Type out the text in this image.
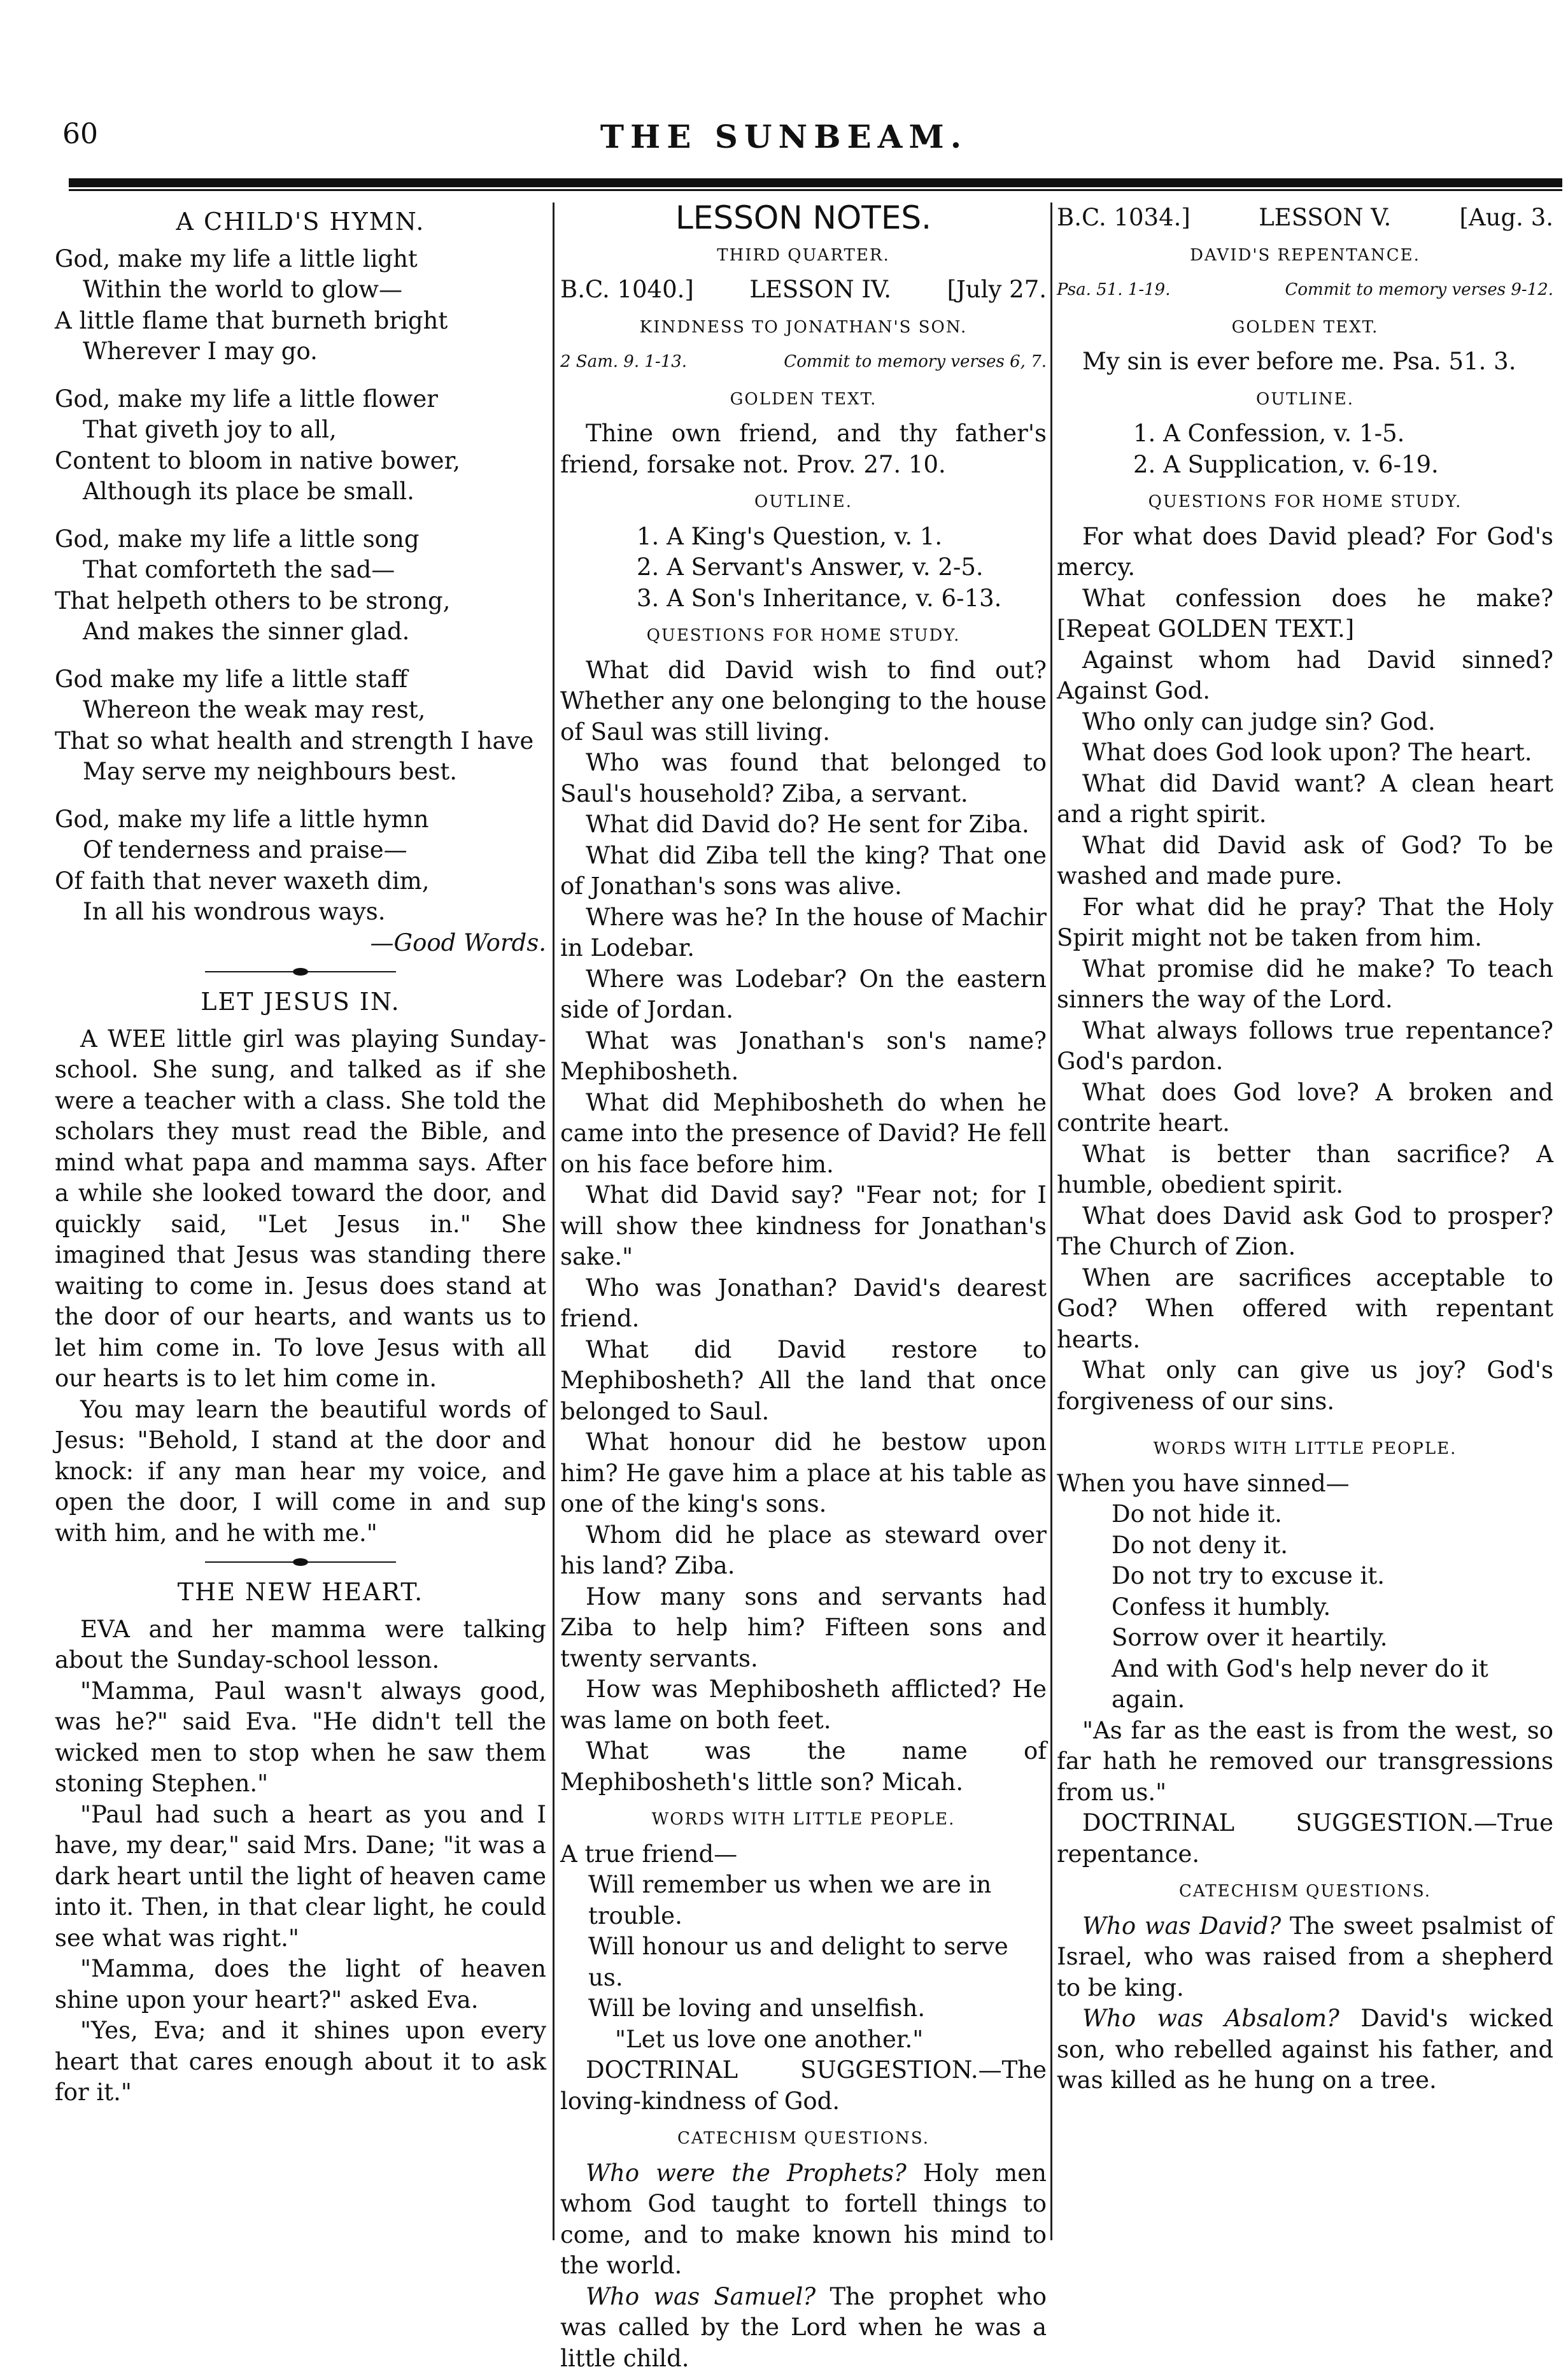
60	THE SUNBEAM.
A CHILD'S HYMN.
God, make my life a little light
Within the world to glow—
A little flame that burneth bright
Wherever I may go.
God, make my life a little flower
That giveth joy to all,
Content to bloom in native bower,
Although its place be small.
God, make my life a little song
That comforteth the sad—
That helpeth others to be strong,
And makes the sinner glad.
God make my life a little staff
Whereon the weak may rest,
That so what health and strength I have
May serve my neighbours best.
God, make my life a little hymn
Of tenderness and praise—
Of faith that never waxeth dim,
In all his wondrous ways.
—Good Words.
LET JESUS IN.

A WEE little girl was playing Sunday-school. She sung, and talked as if she were a teacher with a class. She told the scholars they must read the Bible, and mind what papa and mamma says. After a while she looked toward the door, and quickly said, "Let Jesus in." She imagined that Jesus was standing there waiting to come in. Jesus does stand at the door of our hearts, and wants us to let him come in. To love Jesus with all our hearts is to let him come in.

You may learn the beautiful words of Jesus: "Behold, I stand at the door and knock: if any man hear my voice, and open the door, I will come in and sup with him, and he with me."

THE NEW HEART.

EVA and her mamma were talking about the Sunday-school lesson.

"Mamma, Paul wasn't always good, was he?" said Eva. "He didn't tell the wicked men to stop when he saw them stoning Stephen."

"Paul had such a heart as you and I have, my dear," said Mrs. Dane; "it was a dark heart until the light of heaven came into it. Then, in that clear light, he could see what was right."

"Mamma, does the light of heaven shine upon your heart?" asked Eva.

"Yes, Eva; and it shines upon every heart that cares enough about it to ask for it."

LESSON NOTES.
THIRD QUARTER.
B.C. 1040.] LESSON IV. [July 27.
KINDNESS TO JONATHAN'S SON.
2 Sam. 9. 1-13.	Commit to memory verses 6, 7.
GOLDEN TEXT.

Thine own friend, and thy father's friend, forsake not. Prov. 27. 10.

OUTLINE.
1. A King's Question, v. 1.
2. A Servant's Answer, v. 2-5.
3. A Son's Inheritance, v. 6-13.
QUESTIONS FOR HOME STUDY.

What did David wish to find out? Whether any one belonging to the house of Saul was still living.

Who was found that belonged to Saul's household? Ziba, a servant.

What did David do? He sent for Ziba.

What did Ziba tell the king? That one of Jonathan's sons was alive.

Where was he? In the house of Machir in Lodebar.

Where was Lodebar? On the eastern side of Jordan.

What was Jonathan's son's name? Mephibosheth.

What did Mephibosheth do when he came into the presence of David? He fell on his face before him.

What did David say? "Fear not; for I will show thee kindness for Jonathan's sake."

Who was Jonathan? David's dearest friend.

What did David restore to Mephibosheth? All the land that once belonged to Saul.

What honour did he bestow upon him? He gave him a place at his table as one of the king's sons.

Whom did he place as steward over his land? Ziba.

How many sons and servants had Ziba to help him? Fifteen sons and twenty servants.

How was Mephibosheth afflicted? He was lame on both feet.

What was the name of Mephibosheth's little son? Micah.

WORDS WITH LITTLE PEOPLE.
A true friend—
Will remember us when we are in trouble.
Will honour us and delight to serve us.
Will be loving and unselfish.
"Let us love one another."

DOCTRINAL SUGGESTION.—The loving-kindness of God.

CATECHISM QUESTIONS.

Who were the Prophets? Holy men whom God taught to fortell things to come, and to make known his mind to the world.

Who was Samuel? The prophet who was called by the Lord when he was a little child.

B.C. 1034.]	LESSON V.	[Aug. 3.
DAVID'S REPENTANCE.
Psa. 51. 1-19.	Commit to memory verses 9-12.
GOLDEN TEXT.

My sin is ever before me. Psa. 51. 3.

OUTLINE.
1. A Confession, v. 1-5.
2. A Supplication, v. 6-19.
QUESTIONS FOR HOME STUDY.

For what does David plead? For God's mercy.

What confession does he make? [Repeat GOLDEN TEXT.]

Against whom had David sinned? Against God.

Who only can judge sin? God.

What does God look upon? The heart.

What did David want? A clean heart and a right spirit.

What did David ask of God? To be washed and made pure.

For what did he pray? That the Holy Spirit might not be taken from him.

What promise did he make? To teach sinners the way of the Lord.

What always follows true repentance? God's pardon.

What does God love? A broken and contrite heart.

What is better than sacrifice? A humble, obedient spirit.

What does David ask God to prosper? The Church of Zion.

When are sacrifices acceptable to God? When offered with repentant hearts.

What only can give us joy? God's forgiveness of our sins.

WORDS WITH LITTLE PEOPLE.
When you have sinned—
Do not hide it.
Do not deny it.
Do not try to excuse it.
Confess it humbly.
Sorrow over it heartily.
And with God's help never do it again.

"As far as the east is from the west, so far hath he removed our transgressions from us."

DOCTRINAL SUGGESTION.—True repentance.

CATECHISM QUESTIONS.

Who was David? The sweet psalmist of Israel, who was raised from a shepherd to be king.

Who was Absalom? David's wicked son, who rebelled against his father, and was killed as he hung on a tree.
